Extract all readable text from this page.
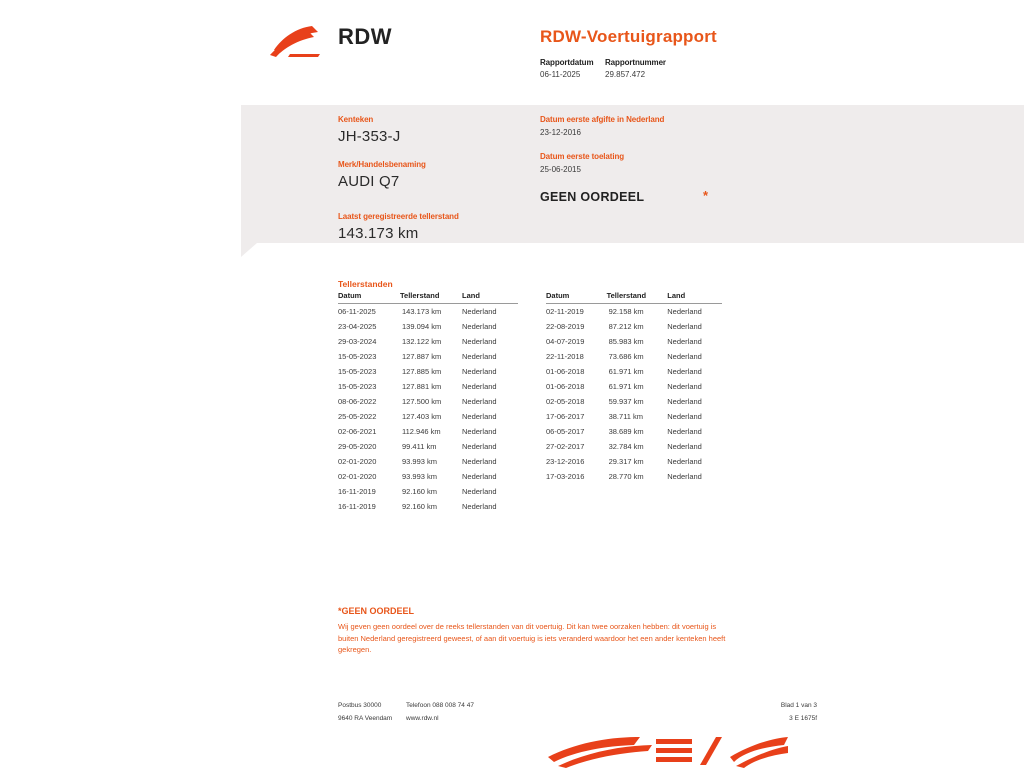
RDW	RDW-Voertuigrapport
Rapportdatum	Rapportnummer
06-11-2025	29.857.472
Kenteken
JH-353-J
Merk/Handelsbenaming
AUDI Q7
Laatst geregistreerde tellerstand
143.173 km
Datum eerste afgifte in Nederland
23-12-2016
Datum eerste toelating
25-06-2015
GEEN OORDEEL	*
Tellerstanden
Datum	Tellerstand	Land
06-11-2025	143.173 km	Nederland
23-04-2025	139.094 km	Nederland
29-03-2024	132.122 km	Nederland
15-05-2023	127.887 km	Nederland
15-05-2023	127.885 km	Nederland
15-05-2023	127.881 km	Nederland
08-06-2022	127.500 km	Nederland
25-05-2022	127.403 km	Nederland
02-06-2021	112.946 km	Nederland
29-05-2020	99.411 km	Nederland
02-01-2020	93.993 km	Nederland
02-01-2020	93.993 km	Nederland
16-11-2019	92.160 km	Nederland
16-11-2019	92.160 km	Nederland
Datum	Tellerstand	Land
02-11-2019	92.158 km	Nederland
22-08-2019	87.212 km	Nederland
04-07-2019	85.983 km	Nederland
22-11-2018	73.686 km	Nederland
01-06-2018	61.971 km	Nederland
01-06-2018	61.971 km	Nederland
02-05-2018	59.937 km	Nederland
17-06-2017	38.711 km	Nederland
06-05-2017	38.689 km	Nederland
27-02-2017	32.784 km	Nederland
23-12-2016	29.317 km	Nederland
17-03-2016	28.770 km	Nederland
*GEEN OORDEEL
Wij geven geen oordeel over de reeks tellerstanden van dit voertuig. Dit kan twee oorzaken hebben: dit voertuig is buiten Nederland geregistreerd geweest, of aan dit voertuig is iets veranderd waardoor het een ander kenteken heeft gekregen.
Postbus 30000	Telefoon 088 008 74 47
9640 RA Veendam	www.rdw.nl
Blad 1 van 3
3 E 1675f
